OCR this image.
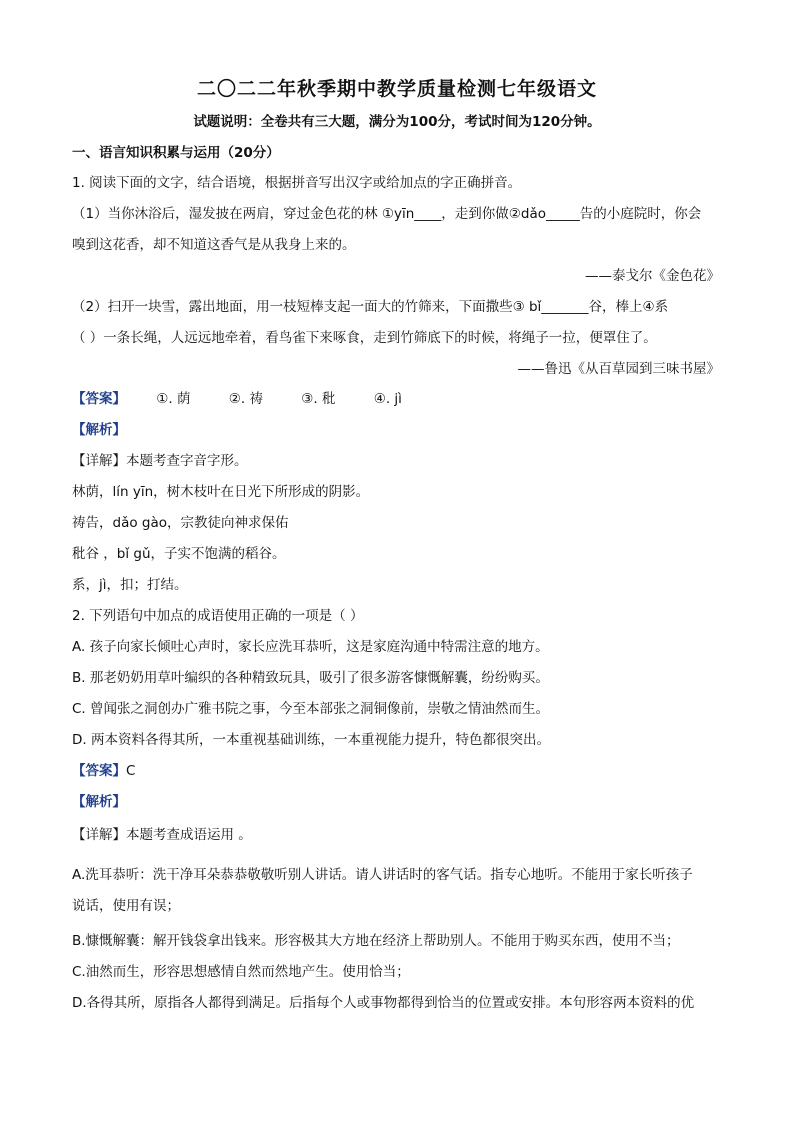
二〇二二年秋季期中教学质量检测七年级语文
试题说明：全卷共有三大题，满分为100分，考试时间为120分钟。
一、语言知识积累与运用（20分）
1. 阅读下面的文字，结合语境，根据拼音写出汉字或给加点的字正确拼音。
（1）当你沐浴后，湿发披在两肩，穿过金色花的林 ①yīn____，走到你做②dǎo_____告的小庭院时，你会
嗅到这花香，却不知道这香气是从我身上来的。
——泰戈尔《金色花》
（2）扫开一块雪，露出地面，用一枝短棒支起一面大的竹筛来，下面撒些③ bǐ_______谷，棒上④系
（ ）一条长绳，人远远地牵着，看鸟雀下来啄食，走到竹筛底下的时候，将绳子一拉，便罩住了。
——鲁迅《从百草园到三味书屋》
【答案】 ①. 荫	②. 祷	③. 秕	④. jì
【解析】
【详解】本题考查字音字形。
林荫，lín yīn，树木枝叶在日光下所形成的阴影。
祷告，dǎo gào，宗教徒向神求保佑
秕谷 ，bǐ gǔ，子实不饱满的稻谷。
系，jì，扣；打结。
2. 下列语句中加点的成语使用正确的一项是（ ）
A. 孩子向家长倾吐心声时，家长应洗耳恭听，这是家庭沟通中特需注意的地方。
B. 那老奶奶用草叶编织的各种精致玩具，吸引了很多游客慷慨解囊，纷纷购买。
C. 曾闻张之洞创办广雅书院之事，今至本部张之洞铜像前，崇敬之情油然而生。
D. 两本资料各得其所，一本重视基础训练，一本重视能力提升，特色都很突出。
【答案】C
【解析】
【详解】本题考查成语运用 。
A.洗耳恭听：洗干净耳朵恭恭敬敬听别人讲话。请人讲话时的客气话。指专心地听。不能用于家长听孩子
说话，使用有误；
B.慷慨解囊：解开钱袋拿出钱来。形容极其大方地在经济上帮助别人。不能用于购买东西，使用不当；
C.油然而生，形容思想感情自然而然地产生。使用恰当；
D.各得其所，原指各人都得到满足。后指每个人或事物都得到恰当的位置或安排。本句形容两本资料的优
